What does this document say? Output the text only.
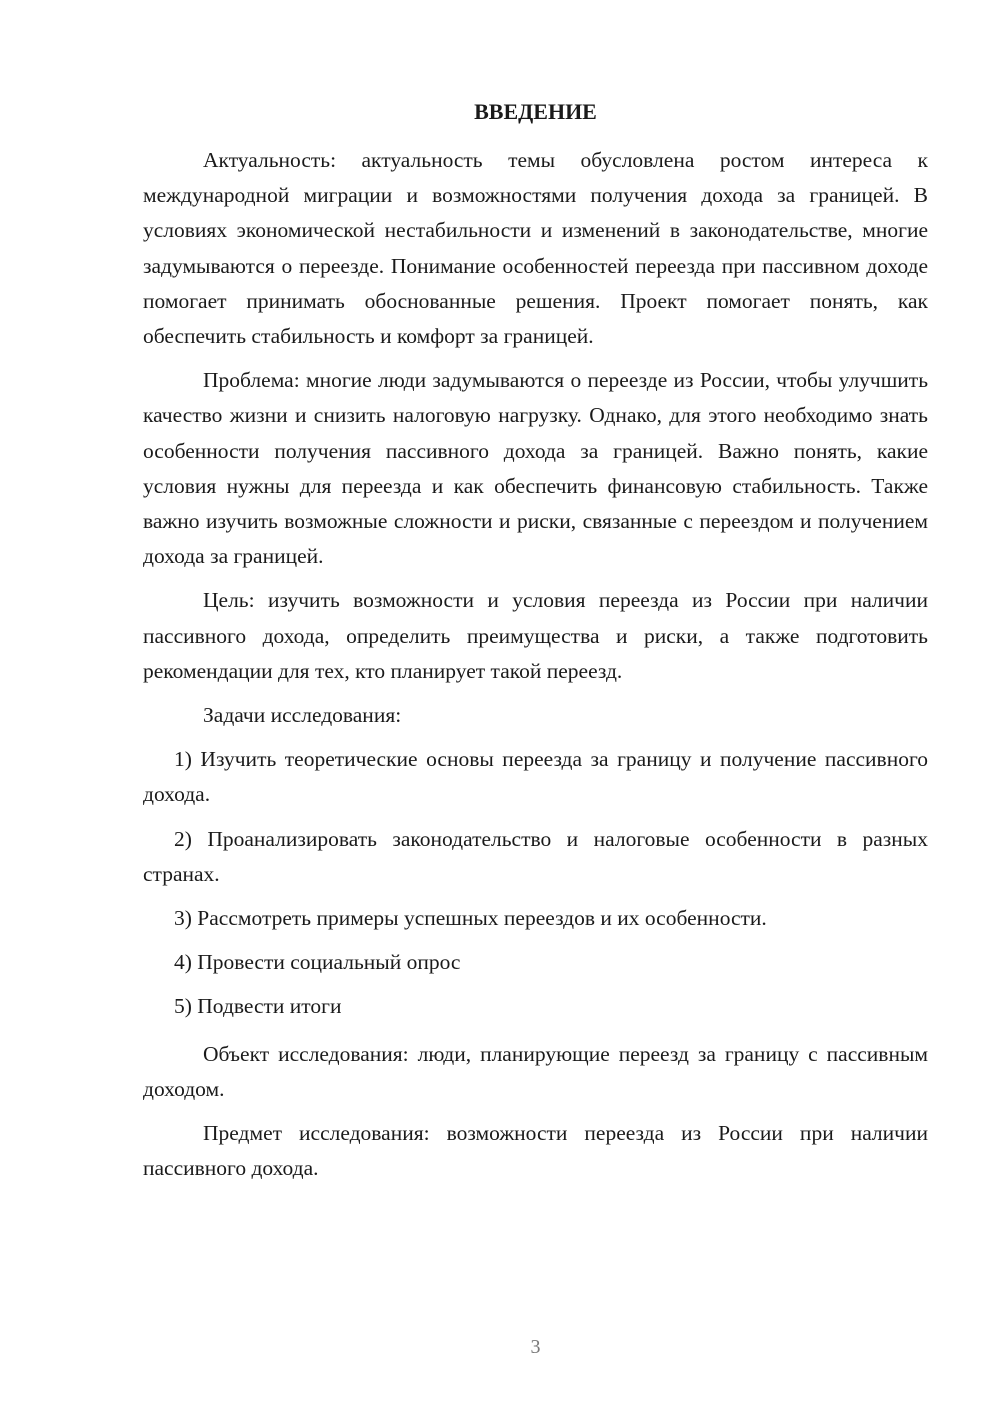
ВВЕДЕНИЕ

Актуальность: актуальность темы обусловлена ростом интереса к международной миграции и возможностями получения дохода за границей. В условиях экономической нестабильности и изменений в законодательстве, многие задумываются о переезде. Понимание особенностей переезда при пассивном доходе помогает принимать обоснованные решения. Проект помогает понять, как обеспечить стабильность и комфорт за границей.

Проблема: многие люди задумываются о переезде из России, чтобы улучшить качество жизни и снизить налоговую нагрузку. Однако, для этого необходимо знать особенности получения пассивного дохода за границей. Важно понять, какие условия нужны для переезда и как обеспечить финансовую стабильность. Также важно изучить возможные сложности и риски, связанные с переездом и получением дохода за границей.

Цель: изучить возможности и условия переезда из России при наличии пассивного дохода, определить преимущества и риски, а также подготовить рекомендации для тех, кто планирует такой переезд.

Задачи исследования:

1) Изучить теоретические основы переезда за границу и получение пассивного дохода.
2) Проанализировать законодательство и налоговые особенности в разных странах.
3) Рассмотреть примеры успешных переездов и их особенности.
4) Провести социальный опрос
5) Подвести итоги

Объект исследования: люди, планирующие переезд за границу с пассивным доходом.

Предмет исследования: возможности переезда из России при наличии пассивного дохода.

3
